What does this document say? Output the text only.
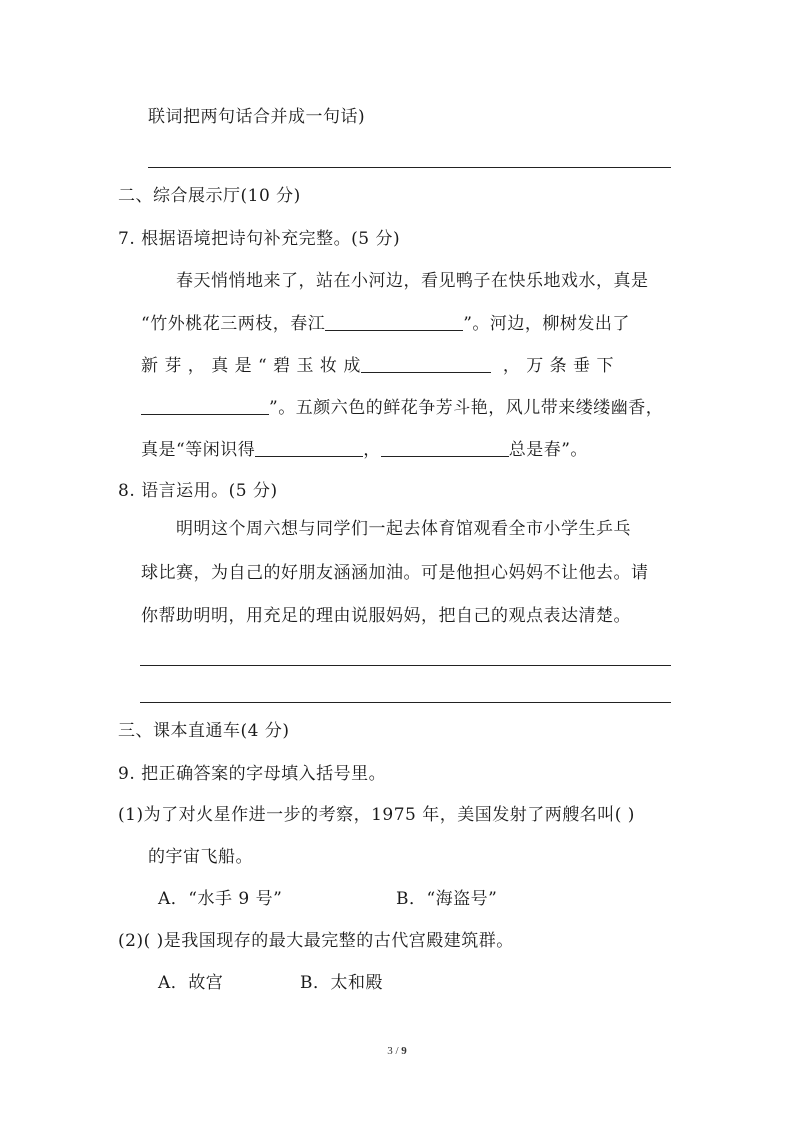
联词把两句话合并成一句话)
二、综合展示厅(10 分)
7. 根据语境把诗句补充完整。(5 分)
春天悄悄地来了，站在小河边，看见鸭子在快乐地戏水，真是
“竹外桃花三两枝，春江	”。河边，柳树发出了
新 芽 ， 真 是 “ 碧 玉 妆 成	， 万 条 垂 下
”。五颜六色的鲜花争芳斗艳，风儿带来缕缕幽香，
真是“等闲识得	，	总是春”。
8. 语言运用。(5 分)
明明这个周六想与同学们一起去体育馆观看全市小学生乒乓
球比赛，为自己的好朋友涵涵加油。可是他担心妈妈不让他去。请
你帮助明明，用充足的理由说服妈妈，把自己的观点表达清楚。
三、课本直通车(4 分)
9. 把正确答案的字母填入括号里。
(1)为了对火星作进一步的考察，1975 年，美国发射了两艘名叫( )
的宇宙飞船。
A．“水手 9 号”	B．“海盗号”
(2)( )是我国现存的最大最完整的古代宫殿建筑群。
A．故宫	B．太和殿
3 / 9
